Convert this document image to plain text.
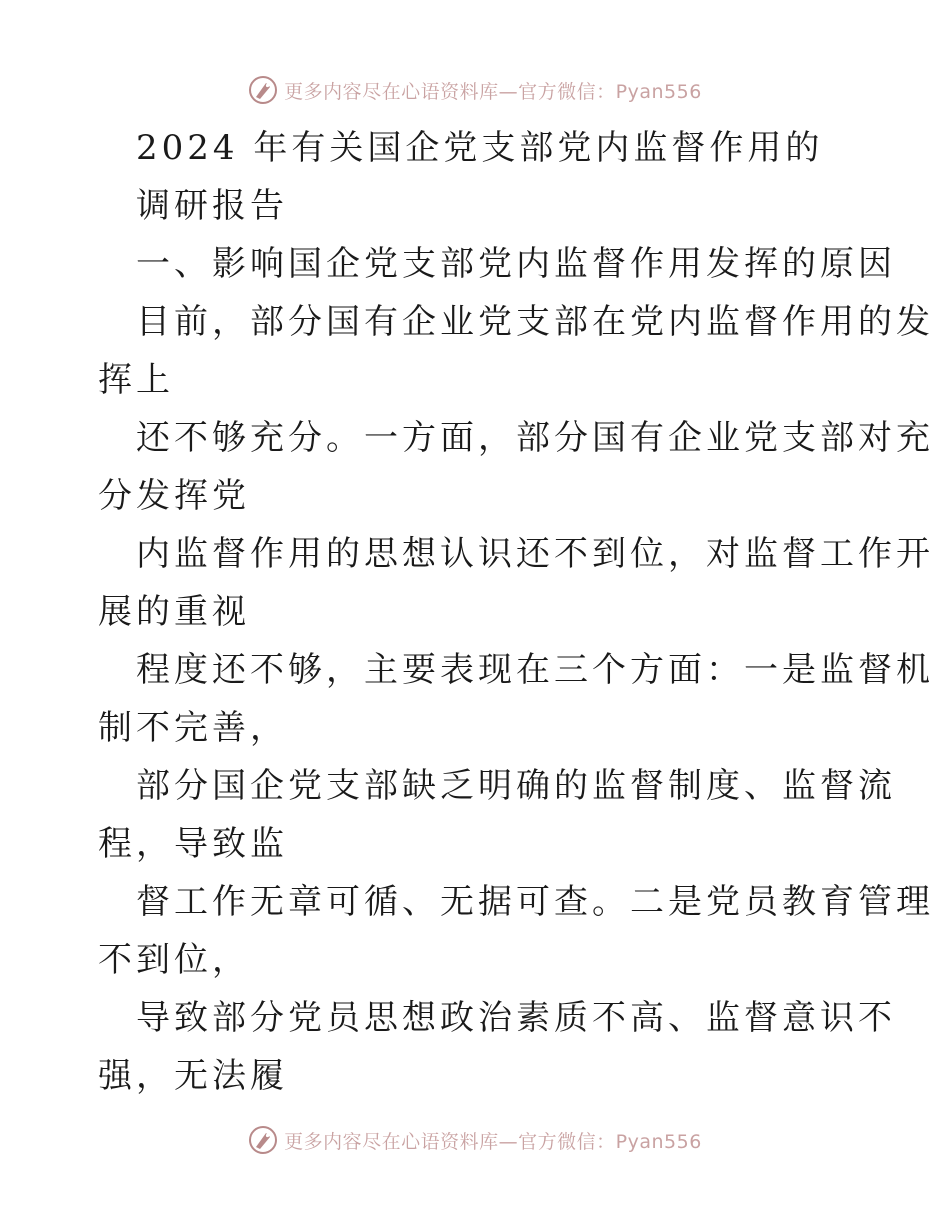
更多内容尽在心语资料库—官方微信：Pyan556
2024 年有关国企党支部党内监督作用的
调研报告
一、影响国企党支部党内监督作用发挥的原因
目前，部分国有企业党支部在党内监督作用的发
挥上
还不够充分。一方面，部分国有企业党支部对充
分发挥党
内监督作用的思想认识还不到位，对监督工作开
展的重视
程度还不够，主要表现在三个方面：一是监督机
制不完善，
部分国企党支部缺乏明确的监督制度、监督流
程，导致监
督工作无章可循、无据可查。二是党员教育管理
不到位，
导致部分党员思想政治素质不高、监督意识不
强，无法履
更多内容尽在心语资料库—官方微信：Pyan556
